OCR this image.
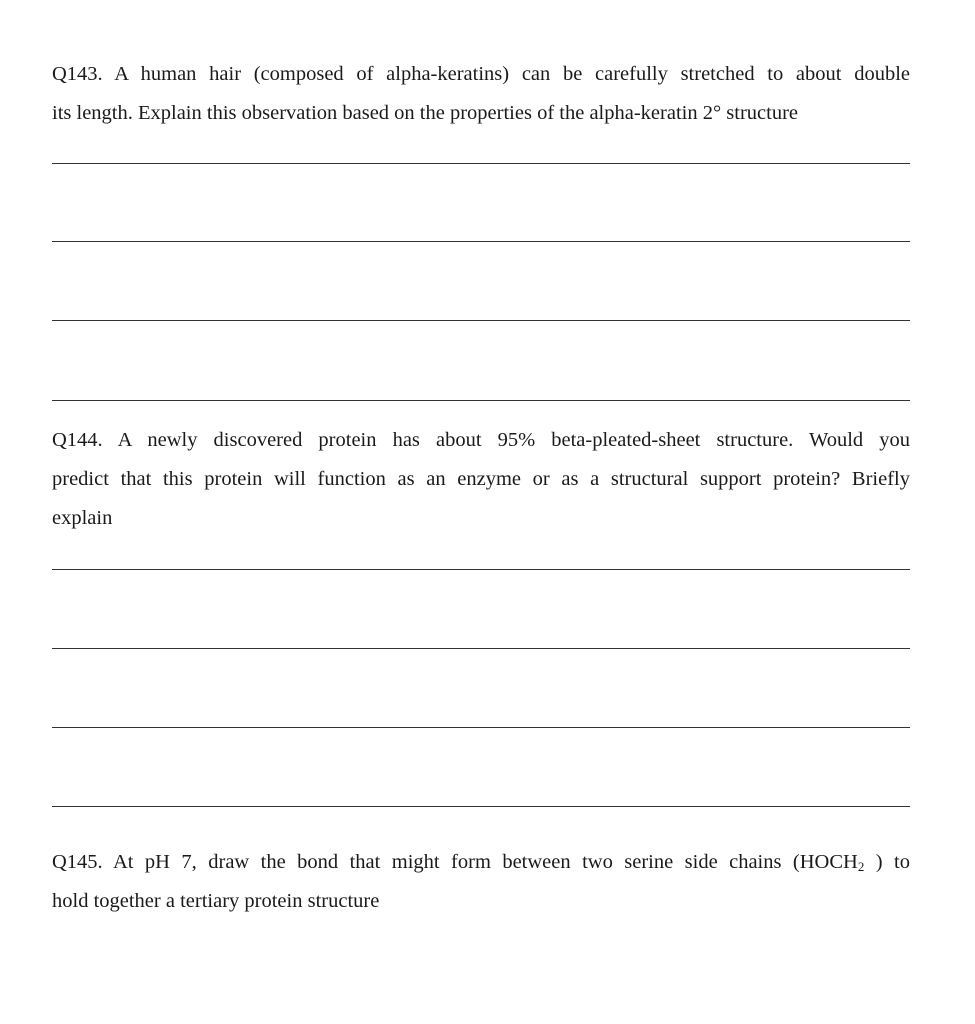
Q143. A human hair (composed of alpha-keratins) can be carefully stretched to about double
its length. Explain this observation based on the properties of the alpha-keratin 2° structure
Q144. A newly discovered protein has about 95% beta-pleated-sheet structure. Would you
predict that this protein will function as an enzyme or as a structural support protein? Briefly
explain
Q145. At pH 7, draw the bond that might form between two serine side chains ($HOCH_2$ ) to
hold together a tertiary protein structure
